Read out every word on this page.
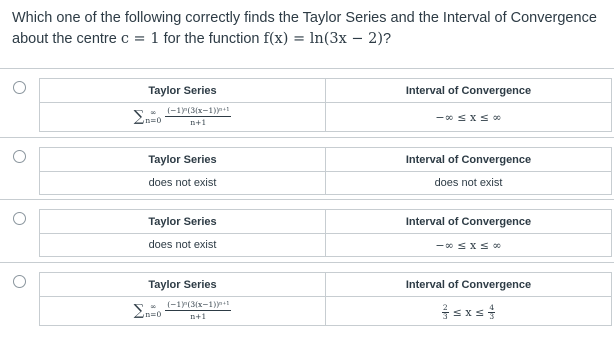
Which one of the following correctly finds the Taylor Series and the Interval of Convergence about the centre c = 1 for the function f(x) = ln(3x − 2)?
Taylor Series	Interval of Convergence

∑ ∞
$n=0 \frac{\text{(−1)ⁿ(3(x−1))ⁿ⁺¹}}{n+1}$	−∞ ≤ x ≤ ∞
Taylor Series	Interval of Convergence
does not exist	does not exist
Taylor Series	Interval of Convergence
does not exist	−∞ ≤ x ≤ ∞
Taylor Series	Interval of Convergence

∑ ∞
$n=0 \frac{\text{(−1)ⁿ(3(x−1))ⁿ⁺¹}}{n+1}$	$\frac{2}{3} \le x \le \frac{4}{3}$
